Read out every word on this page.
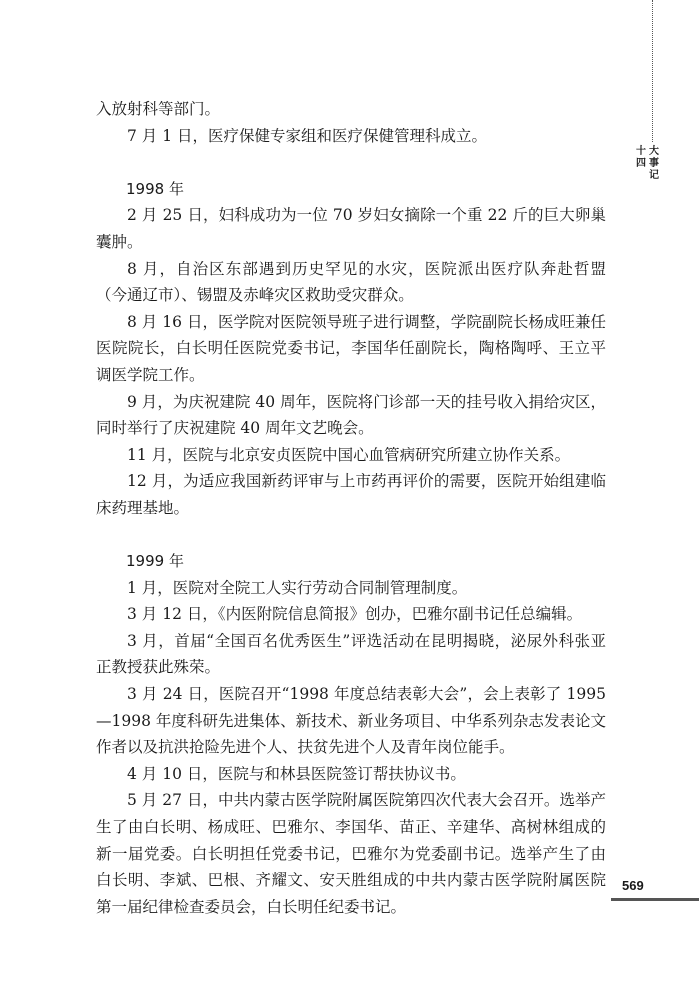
十
四
大
事
记

入放射科等部门。

7 月 1 日，医疗保健专家组和医疗保健管理科成立。

1998 年

2 月 25 日，妇科成功为一位 70 岁妇女摘除一个重 22 斤的巨大卵巢囊肿。

8 月，自治区东部遇到历史罕见的水灾，医院派出医疗队奔赴哲盟（今通辽市）、锡盟及赤峰灾区救助受灾群众。

8 月 16 日，医学院对医院领导班子进行调整，学院副院长杨成旺兼任医院院长，白长明任医院党委书记，李国华任副院长，陶格陶呼、王立平调医学院工作。

9 月，为庆祝建院 40 周年，医院将门诊部一天的挂号收入捐给灾区，同时举行了庆祝建院 40 周年文艺晚会。

11 月，医院与北京安贞医院中国心血管病研究所建立协作关系。

12 月，为适应我国新药评审与上市药再评价的需要，医院开始组建临床药理基地。

1999 年

1 月，医院对全院工人实行劳动合同制管理制度。

3 月 12 日，《内医附院信息简报》创办，巴雅尔副书记任总编辑。

3 月，首届“全国百名优秀医生”评选活动在昆明揭晓，泌尿外科张亚正教授获此殊荣。

3 月 24 日，医院召开“1998 年度总结表彰大会”，会上表彰了 1995—1998 年度科研先进集体、新技术、新业务项目、中华系列杂志发表论文作者以及抗洪抢险先进个人、扶贫先进个人及青年岗位能手。

4 月 10 日，医院与和林县医院签订帮扶协议书。

5 月 27 日，中共内蒙古医学院附属医院第四次代表大会召开。选举产生了由白长明、杨成旺、巴雅尔、李国华、苗正、辛建华、高树林组成的新一届党委。白长明担任党委书记，巴雅尔为党委副书记。选举产生了由白长明、李斌、巴根、齐耀文、安天胜组成的中共内蒙古医学院附属医院第一届纪律检查委员会，白长明任纪委书记。

569
